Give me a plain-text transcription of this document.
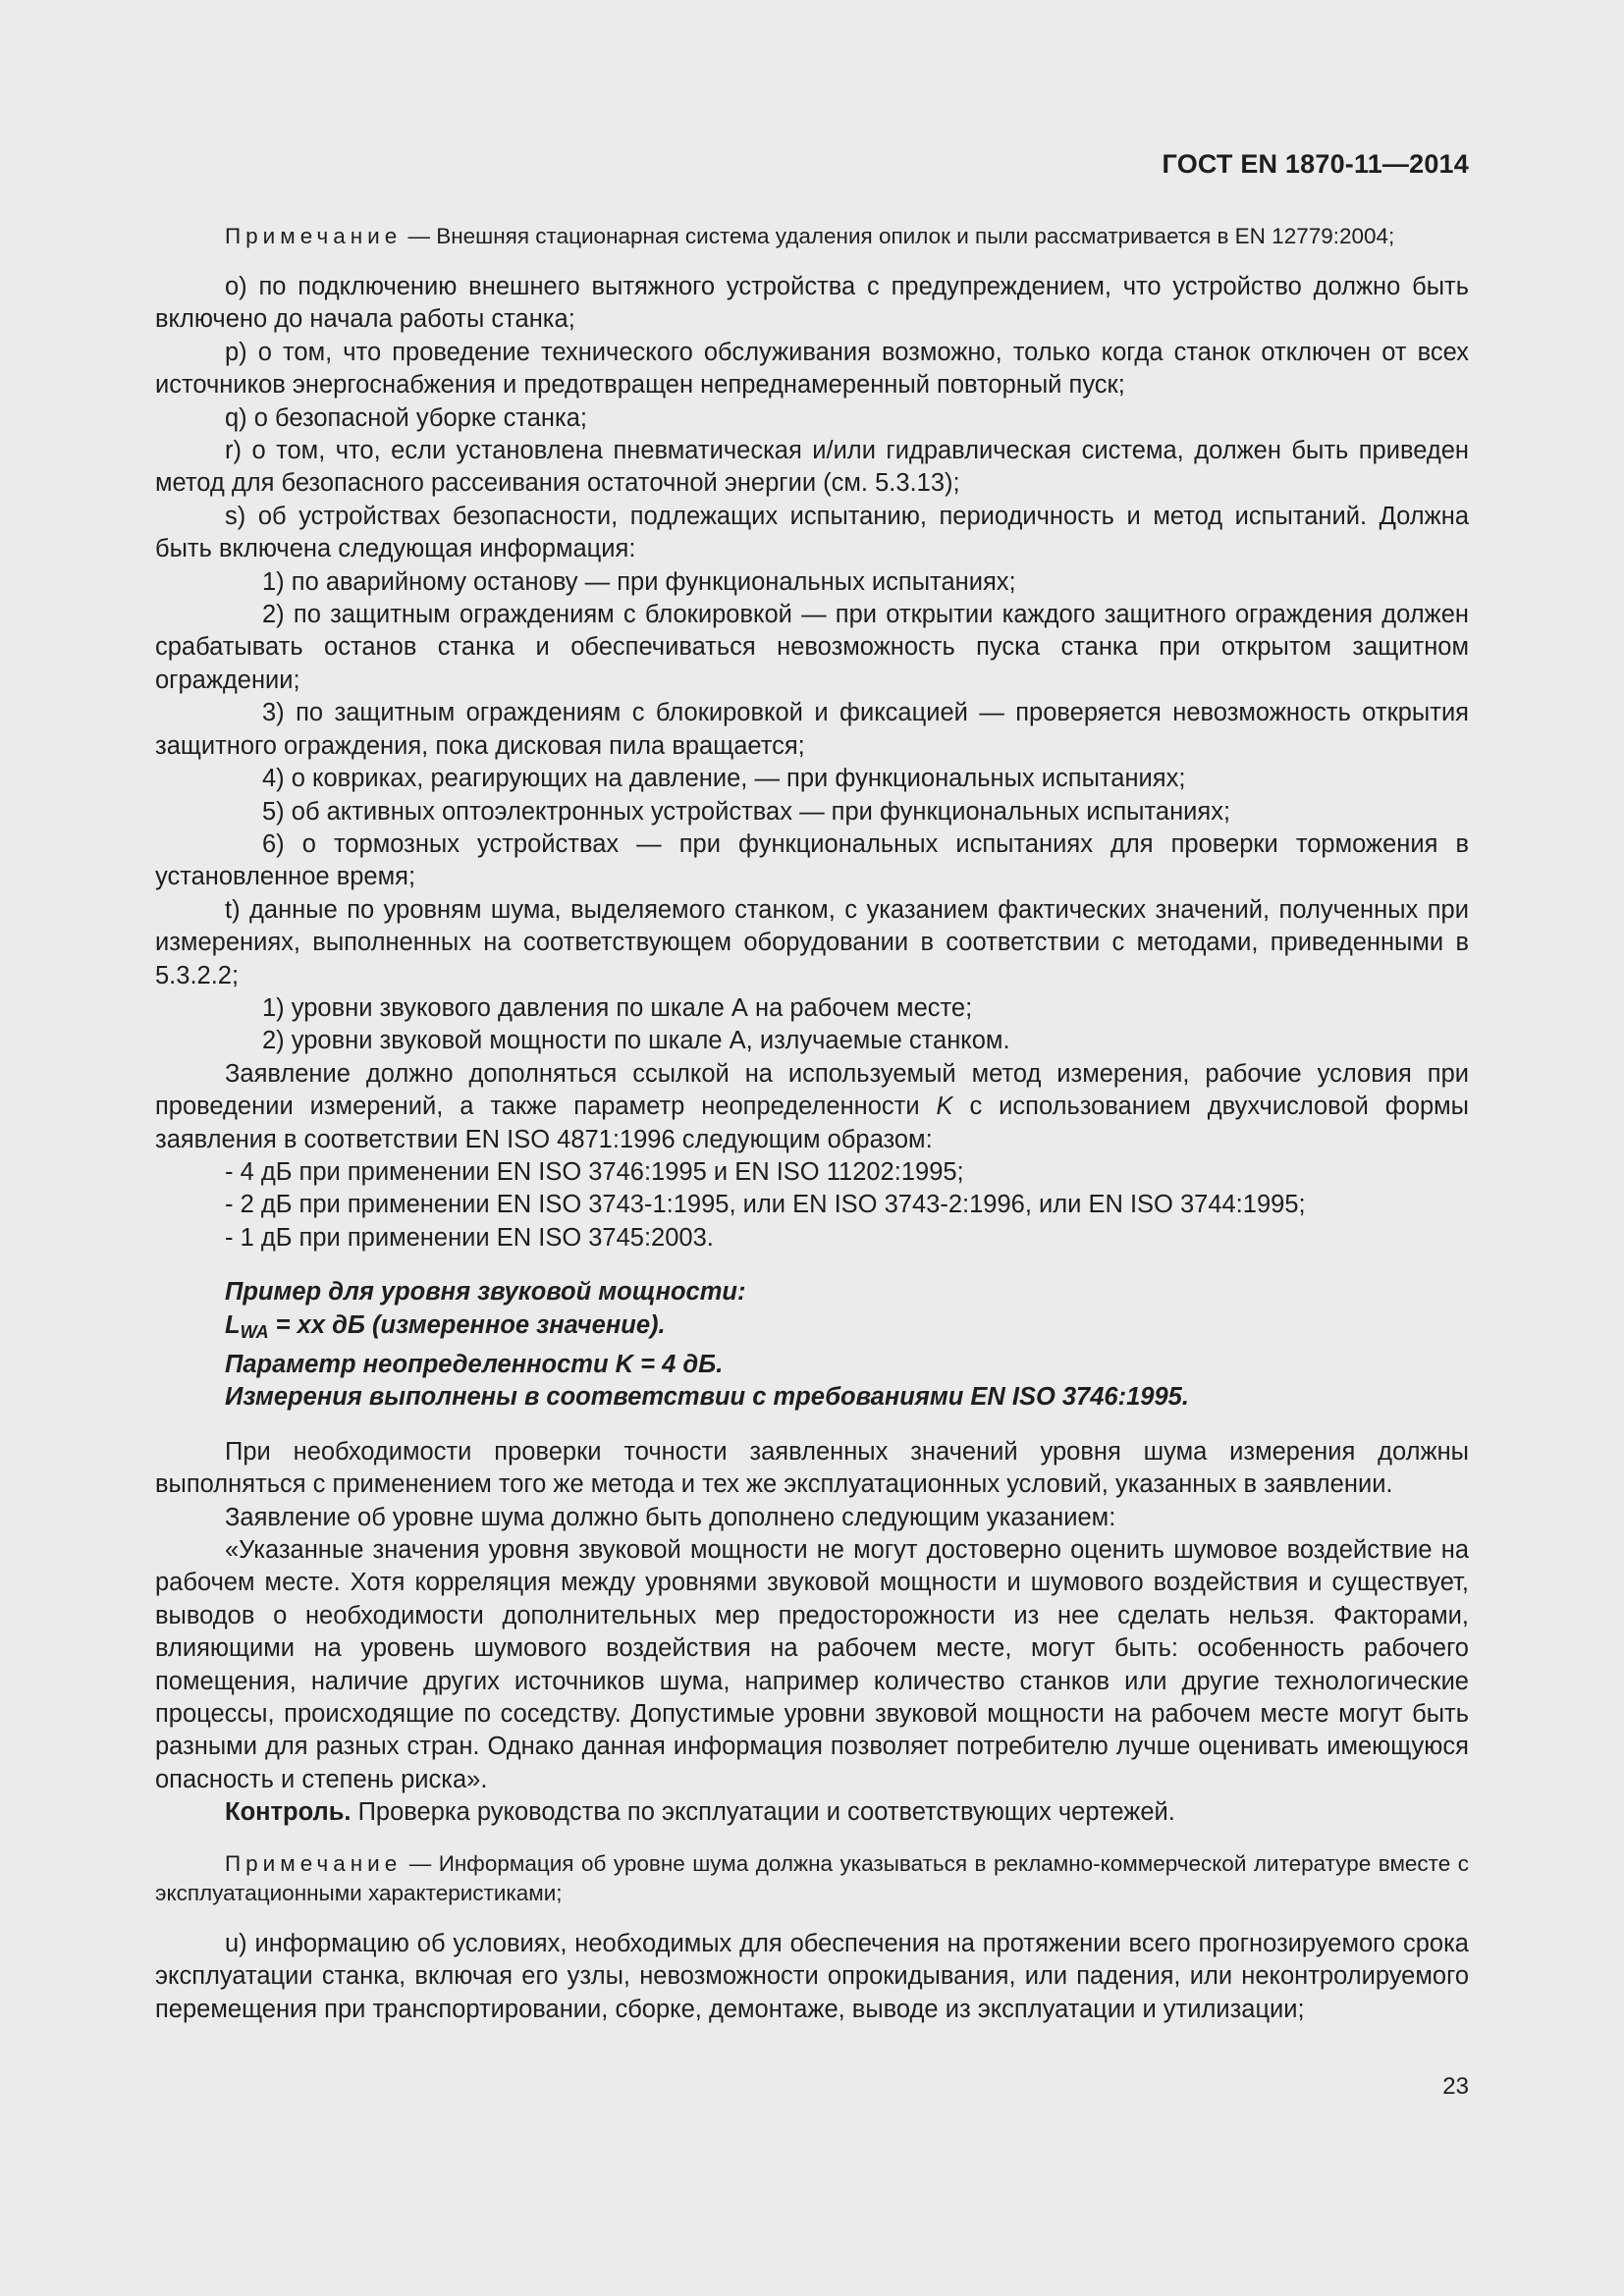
ГОСТ EN 1870-11—2014

Примечание — Внешняя стационарная система удаления опилок и пыли рассматривается в EN 12779:2004;

o) по подключению внешнего вытяжного устройства с предупреждением, что устройство должно быть включено до начала работы станка;

p) о том, что проведение технического обслуживания возможно, только когда станок отключен от всех источников энергоснабжения и предотвращен непреднамеренный повторный пуск;

q) о безопасной уборке станка;

r) о том, что, если установлена пневматическая и/или гидравлическая система, должен быть приведен метод для безопасного рассеивания остаточной энергии (см. 5.3.13);

s) об устройствах безопасности, подлежащих испытанию, периодичность и метод испытаний. Должна быть включена следующая информация:

1) по аварийному останову — при функциональных испытаниях;

2) по защитным ограждениям с блокировкой — при открытии каждого защитного ограждения должен срабатывать останов станка и обеспечиваться невозможность пуска станка при открытом защитном ограждении;

3) по защитным ограждениям с блокировкой и фиксацией — проверяется невозможность открытия защитного ограждения, пока дисковая пила вращается;

4) о ковриках, реагирующих на давление, — при функциональных испытаниях;

5) об активных оптоэлектронных устройствах — при функциональных испытаниях;

6) о тормозных устройствах — при функциональных испытаниях для проверки торможения в установленное время;

t) данные по уровням шума, выделяемого станком, с указанием фактических значений, полученных при измерениях, выполненных на соответствующем оборудовании в соответствии с методами, приведенными в 5.3.2.2;

1) уровни звукового давления по шкале А на рабочем месте;

2) уровни звуковой мощности по шкале А, излучаемые станком.

Заявление должно дополняться ссылкой на используемый метод измерения, рабочие условия при проведении измерений, а также параметр неопределенности K с использованием двухчисловой формы заявления в соответствии EN ISO 4871:1996 следующим образом:

- 4 дБ при применении EN ISO 3746:1995 и EN ISO 11202:1995;

- 2 дБ при применении EN ISO 3743-1:1995, или EN ISO 3743-2:1996, или EN ISO 3744:1995;

- 1 дБ при применении EN ISO 3745:2003.

Пример для уровня звуковой мощности:

$L_{WA}$ = xx дБ (измеренное значение).

Параметр неопределенности K = 4 дБ.

Измерения выполнены в соответствии с требованиями EN ISO 3746:1995.

При необходимости проверки точности заявленных значений уровня шума измерения должны выполняться с применением того же метода и тех же эксплуатационных условий, указанных в заявлении.

Заявление об уровне шума должно быть дополнено следующим указанием:

«Указанные значения уровня звуковой мощности не могут достоверно оценить шумовое воздействие на рабочем месте. Хотя корреляция между уровнями звуковой мощности и шумового воздействия и существует, выводов о необходимости дополнительных мер предосторожности из нее сделать нельзя. Факторами, влияющими на уровень шумового воздействия на рабочем месте, могут быть: особенность рабочего помещения, наличие других источников шума, например количество станков или другие технологические процессы, происходящие по соседству. Допустимые уровни звуковой мощности на рабочем месте могут быть разными для разных стран. Однако данная информация позволяет потребителю лучше оценивать имеющуюся опасность и степень риска».

Контроль. Проверка руководства по эксплуатации и соответствующих чертежей.

Примечание — Информация об уровне шума должна указываться в рекламно-коммерческой литературе вместе с эксплуатационными характеристиками;

u) информацию об условиях, необходимых для обеспечения на протяжении всего прогнозируемого срока эксплуатации станка, включая его узлы, невозможности опрокидывания, или падения, или неконтролируемого перемещения при транспортировании, сборке, демонтаже, выводе из эксплуатации и утилизации;

23
